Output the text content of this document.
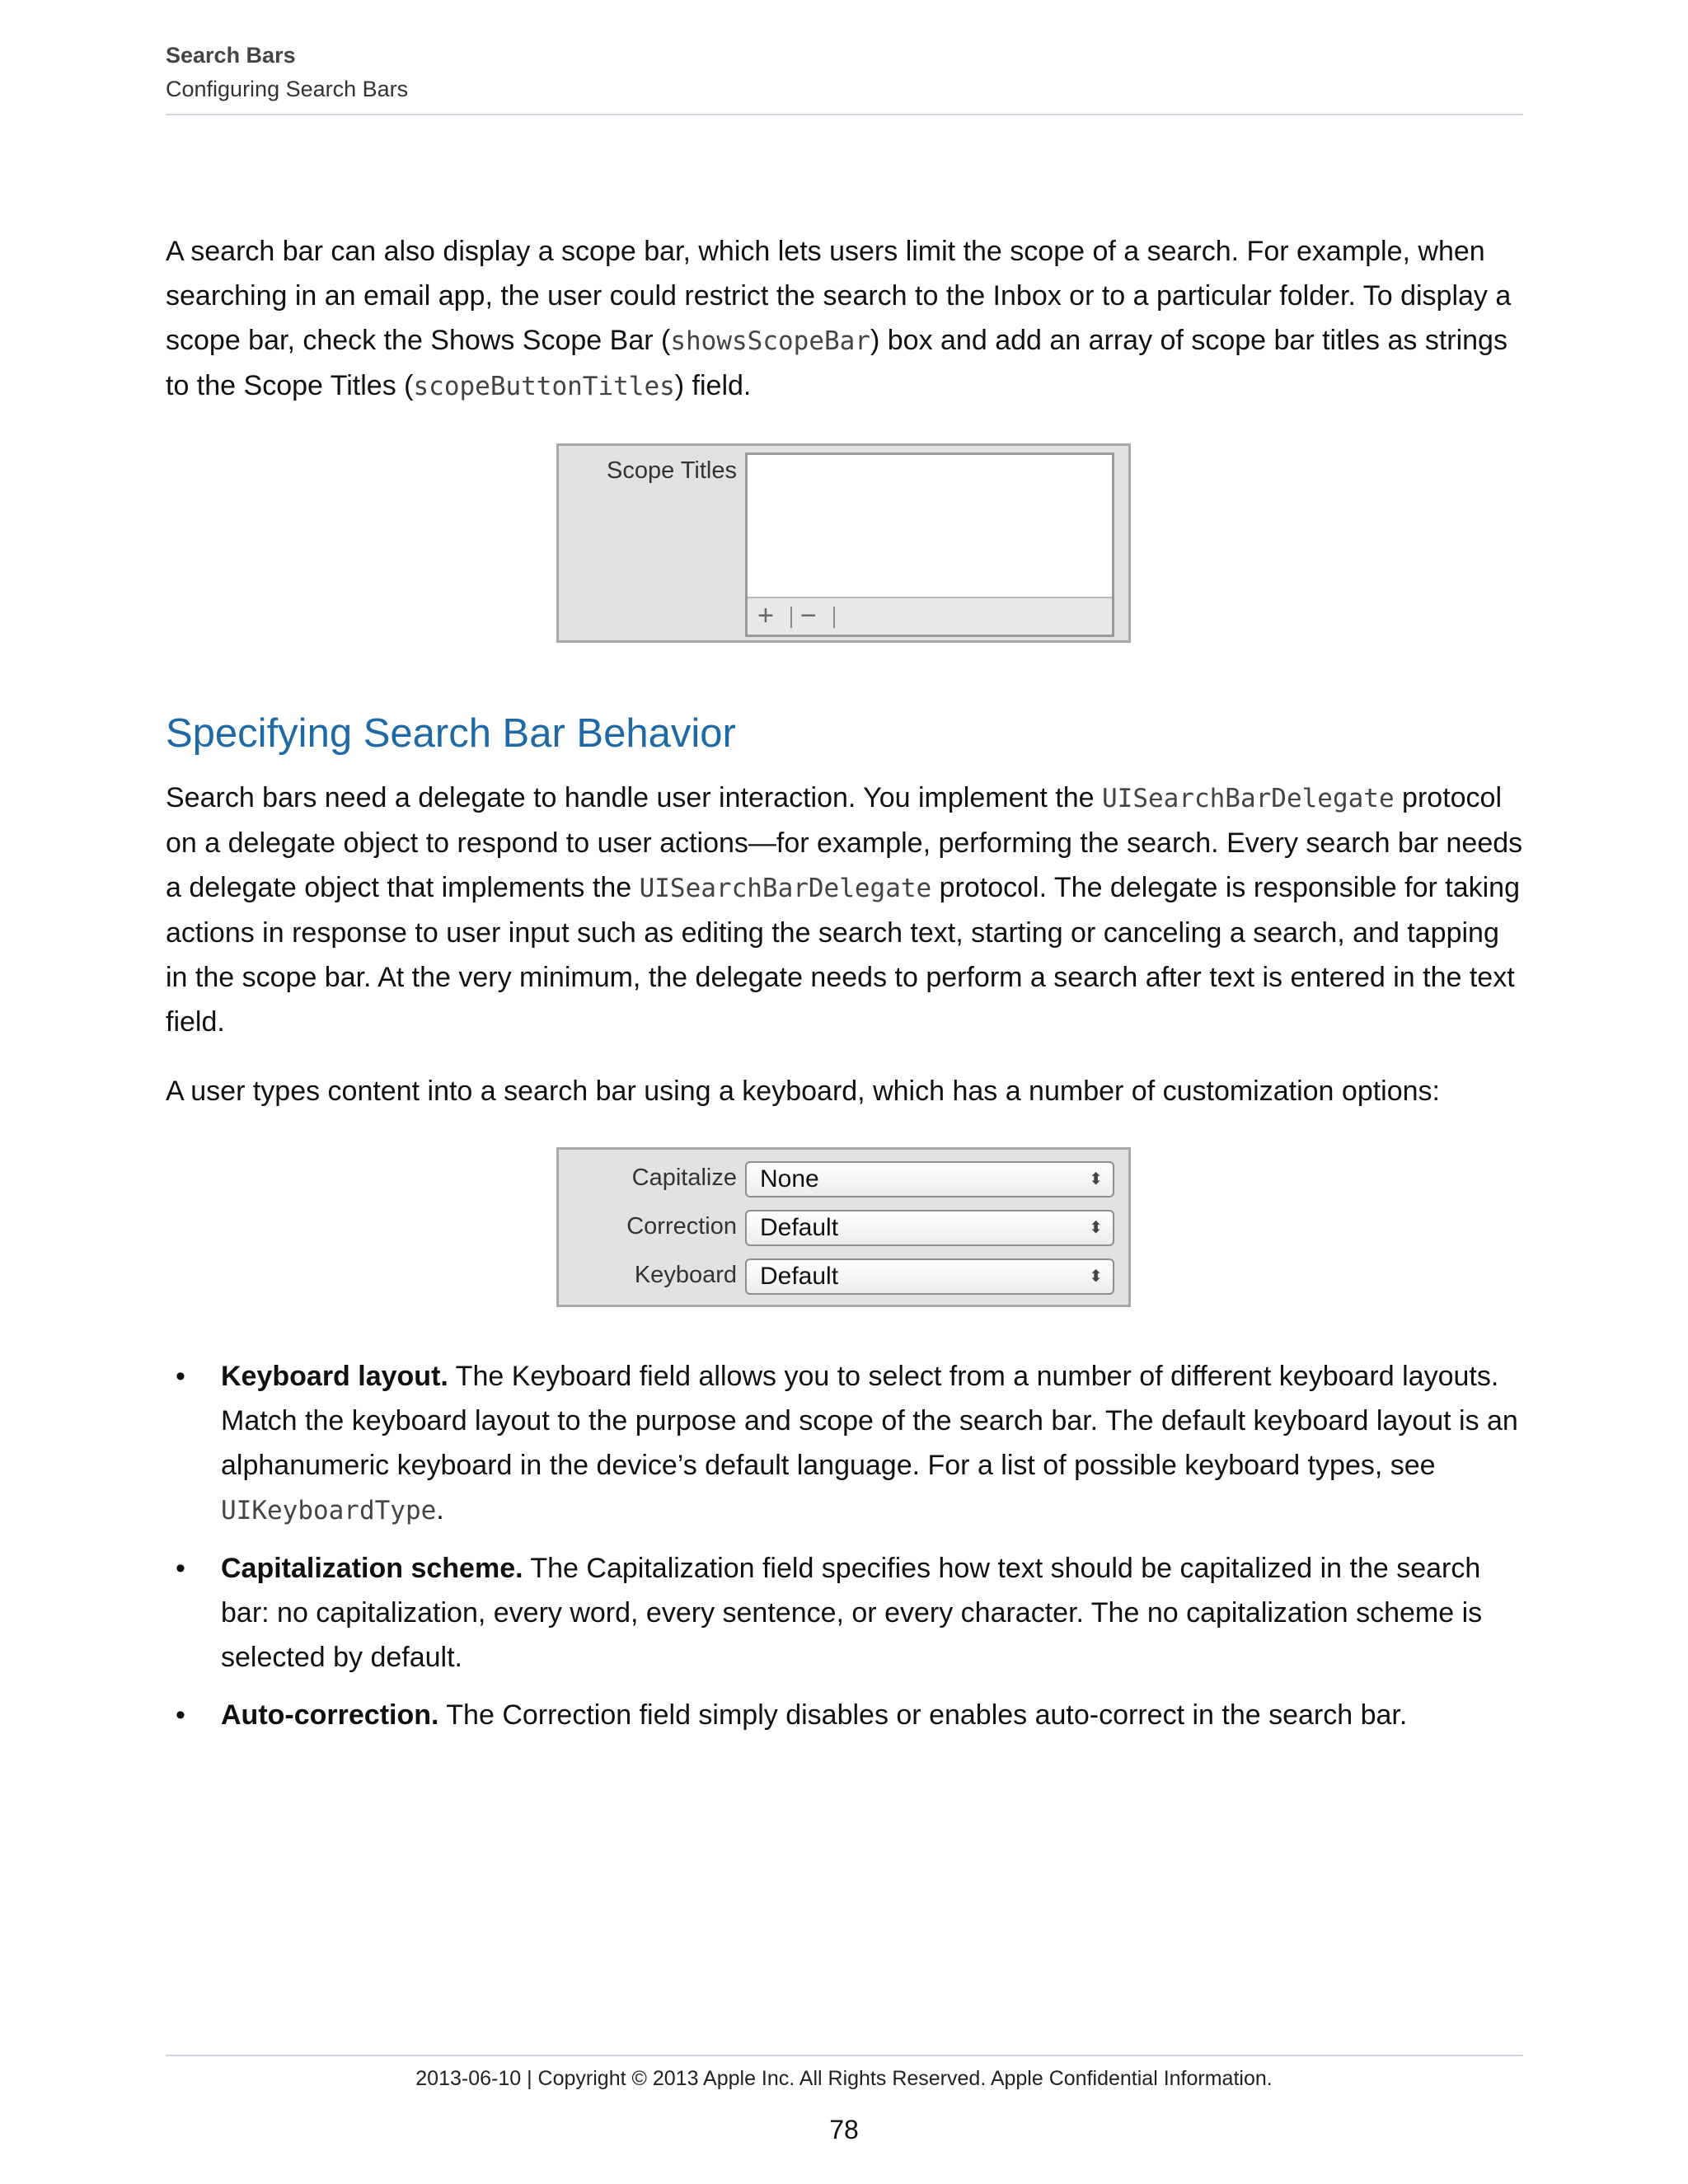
Search Bars
Configuring Search Bars

A search bar can also display a scope bar, which lets users limit the scope of a search. For example, when searching in an email app, the user could restrict the search to the Inbox or to a particular folder. To display a scope bar, check the Shows Scope Bar (showsScopeBar) box and add an array of scope bar titles as strings to the Scope Titles (scopeButtonTitles) field.

Scope Titles
+ −
Specifying Search Bar Behavior

Search bars need a delegate to handle user interaction. You implement the UISearchBarDelegate protocol on a delegate object to respond to user actions—for example, performing the search. Every search bar needs a delegate object that implements the UISearchBarDelegate protocol. The delegate is responsible for taking actions in response to user input such as editing the search text, starting or canceling a search, and tapping in the scope bar. At the very minimum, the delegate needs to perform a search after text is entered in the text field.

A user types content into a search bar using a keyboard, which has a number of customization options:

Capitalize None	⬍
Correction Default	⬍
Keyboard Default	⬍
• Keyboard layout. The Keyboard field allows you to select from a number of different keyboard layouts. Match the keyboard layout to the purpose and scope of the search bar. The default keyboard layout is an alphanumeric keyboard in the device’s default language. For a list of possible keyboard types, see UIKeyboardType.
• Capitalization scheme. The Capitalization field specifies how text should be capitalized in the search bar: no capitalization, every word, every sentence, or every character. The no capitalization scheme is selected by default.
• Auto-correction. The Correction field simply disables or enables auto-correct in the search bar.
2013-06-10 | Copyright © 2013 Apple Inc. All Rights Reserved. Apple Confidential Information.
78
